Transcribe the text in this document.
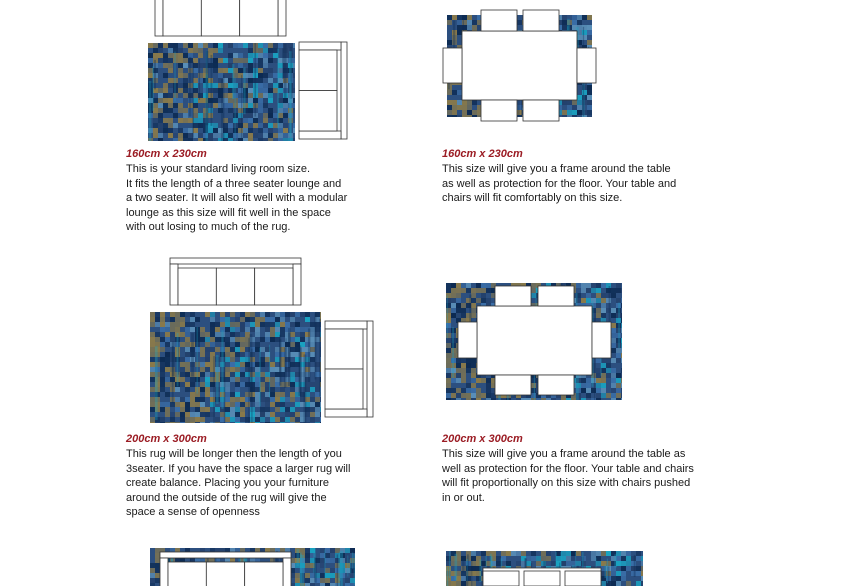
160cm x 230cm
This is your standard living room size.
It fits the length of a three seater lounge and
a two seater. It will also fit well with a modular
lounge as this size will fit well in the space
with out losing to much of the rug.
160cm x 230cm
This size will give you a frame around the table
as well as protection for the floor. Your table and
chairs will fit comfortably on this size.
200cm x 300cm
This rug will be longer then the length of you
3seater. If you have the space a larger rug will
create balance. Placing you your furniture
around the outside of the rug will give the
space a sense of openness
200cm x 300cm
This size will give you a frame around the table as
well as protection for the floor. Your table and chairs
will fit proportionally on this size with chairs pushed
in or out.
